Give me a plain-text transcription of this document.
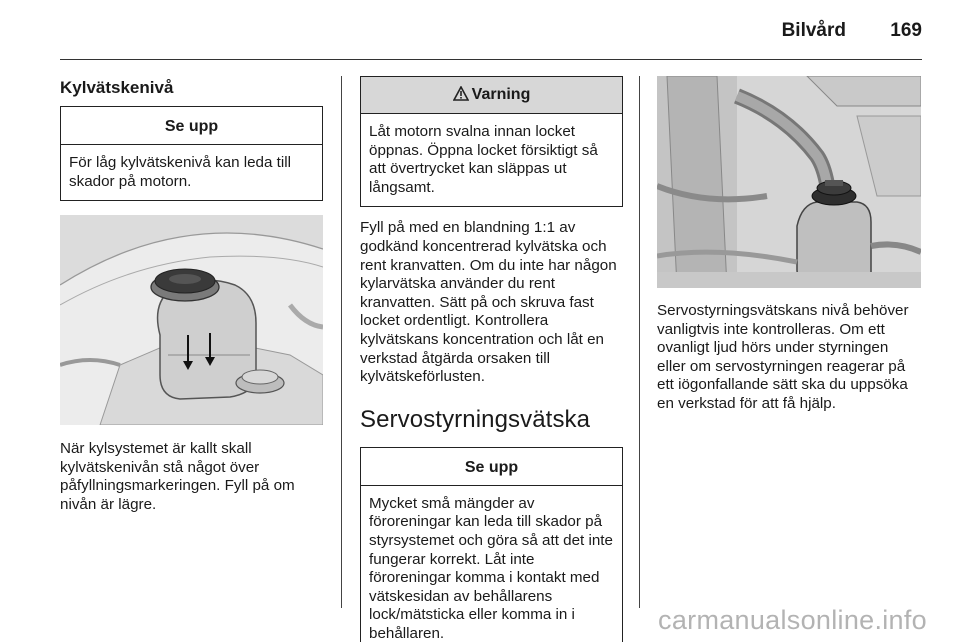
Bilvård 169
Kylvätskenivå
Se upp
För låg kylvätskenivå kan leda till skador på motorn.
När kylsystemet är kallt skall kylvätskenivån stå något över påfyllningsmarkeringen. Fyll på om nivån är lägre.
Varning
Låt motorn svalna innan locket öppnas. Öppna locket försiktigt så att övertrycket kan släppas ut långsamt.
Fyll på med en blandning 1:1 av godkänd koncentrerad kylvätska och rent kranvatten. Om du inte har någon kylarvätska använder du rent kranvatten. Sätt på och skruva fast locket ordentligt. Kontrollera kylvätskans koncentration och låt en verkstad åtgärda orsaken till kylvätskeförlusten.
Servostyrningsvätska
Se upp
Mycket små mängder av föroreningar kan leda till skador på styrsystemet och göra så att det inte fungerar korrekt. Låt inte föroreningar komma i kontakt med vätskesidan av behållarens lock/mätsticka eller komma in i behållaren.
Servostyrningsvätskans nivå behöver vanligtvis inte kontrolleras. Om ett ovanligt ljud hörs under styrningen eller om servostyrningen reagerar på ett iögonfallande sätt ska du uppsöka en verkstad för att få hjälp.
carmanualsonline.info
